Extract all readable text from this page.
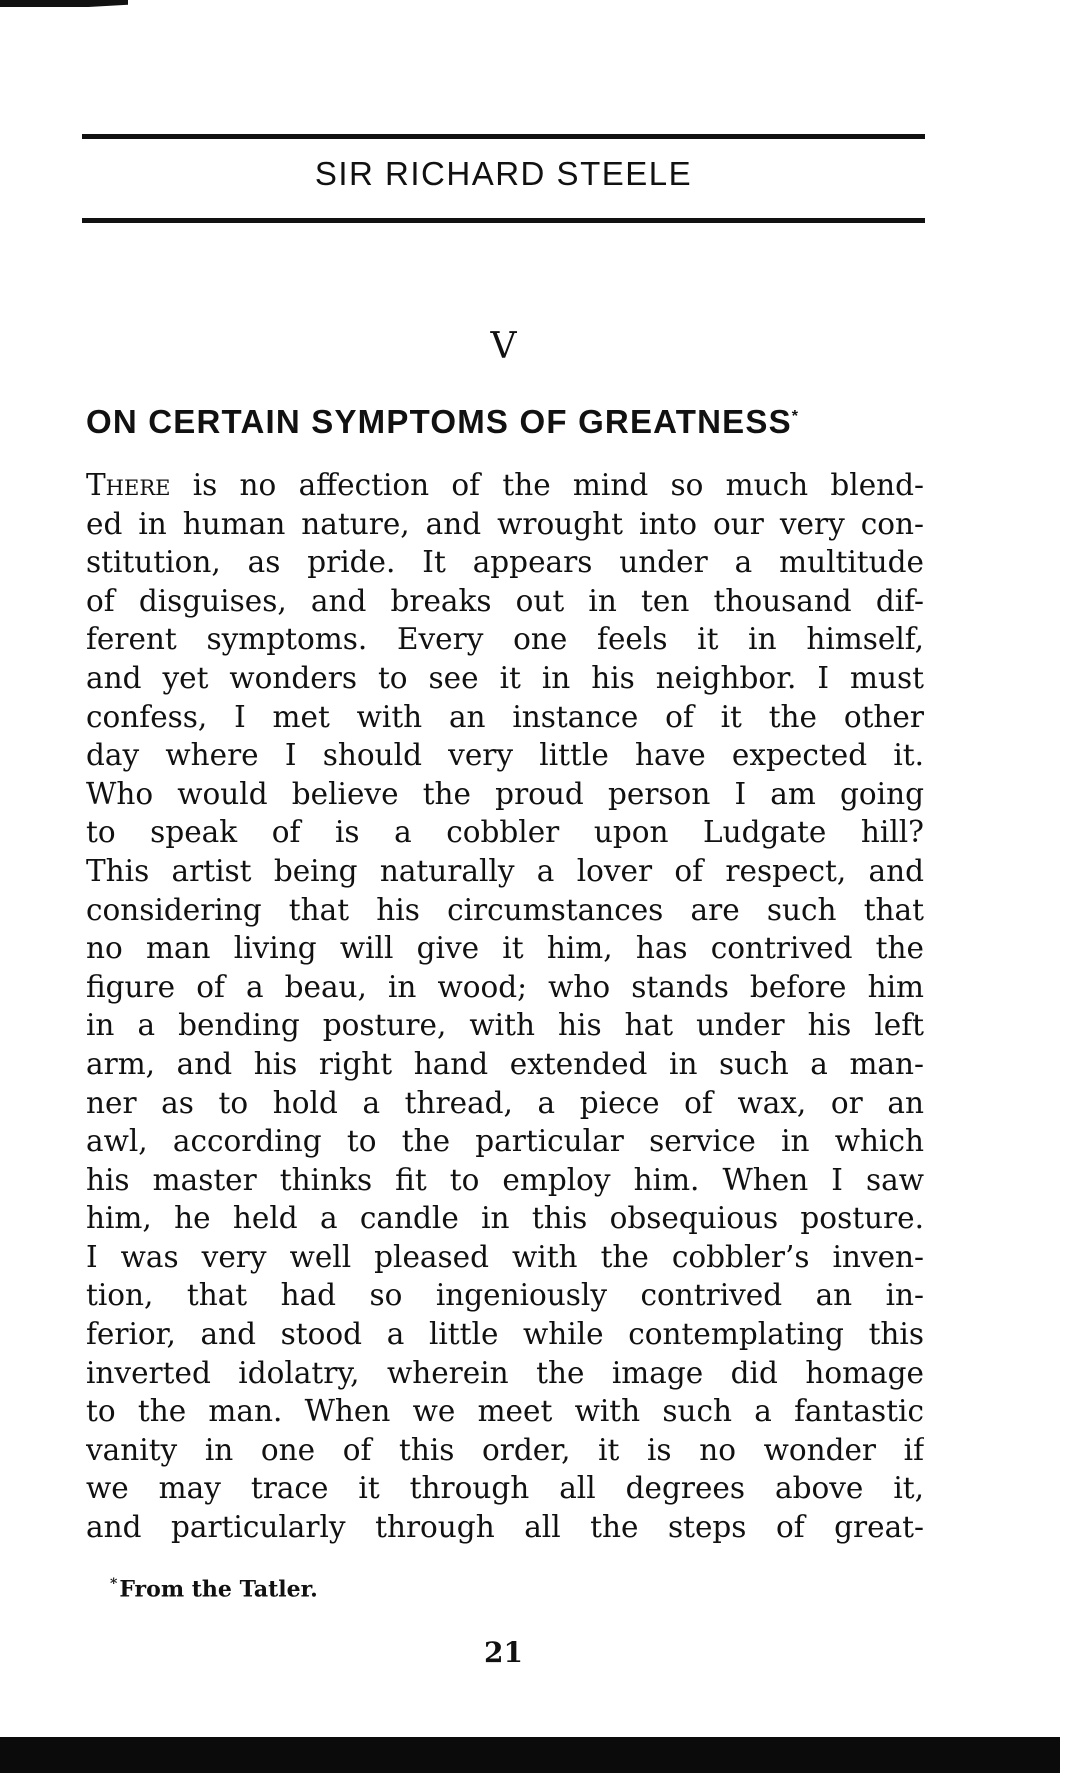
SIR RICHARD STEELE
V
ON CERTAIN SYMPTOMS OF GREATNESS*
There is no affection of the mind so much blend-
ed in human nature, and wrought into our very con-
stitution, as pride. It appears under a multitude
of disguises, and breaks out in ten thousand dif-
ferent symptoms. Every one feels it in himself,
and yet wonders to see it in his neighbor. I must
confess, I met with an instance of it the other
day where I should very little have expected it.
Who would believe the proud person I am going
to speak of is a cobbler upon Ludgate hill?
This artist being naturally a lover of respect, and
considering that his circumstances are such that
no man living will give it him, has contrived the
figure of a beau, in wood; who stands before him
in a bending posture, with his hat under his left
arm, and his right hand extended in such a man-
ner as to hold a thread, a piece of wax, or an
awl, according to the particular service in which
his master thinks fit to employ him. When I saw
him, he held a candle in this obsequious posture.
I was very well pleased with the cobbler’s inven-
tion, that had so ingeniously contrived an in-
ferior, and stood a little while contemplating this
inverted idolatry, wherein the image did homage
to the man. When we meet with such a fantastic
vanity in one of this order, it is no wonder if
we may trace it through all degrees above it,
and particularly through all the steps of great-
*From the Tatler.
21
